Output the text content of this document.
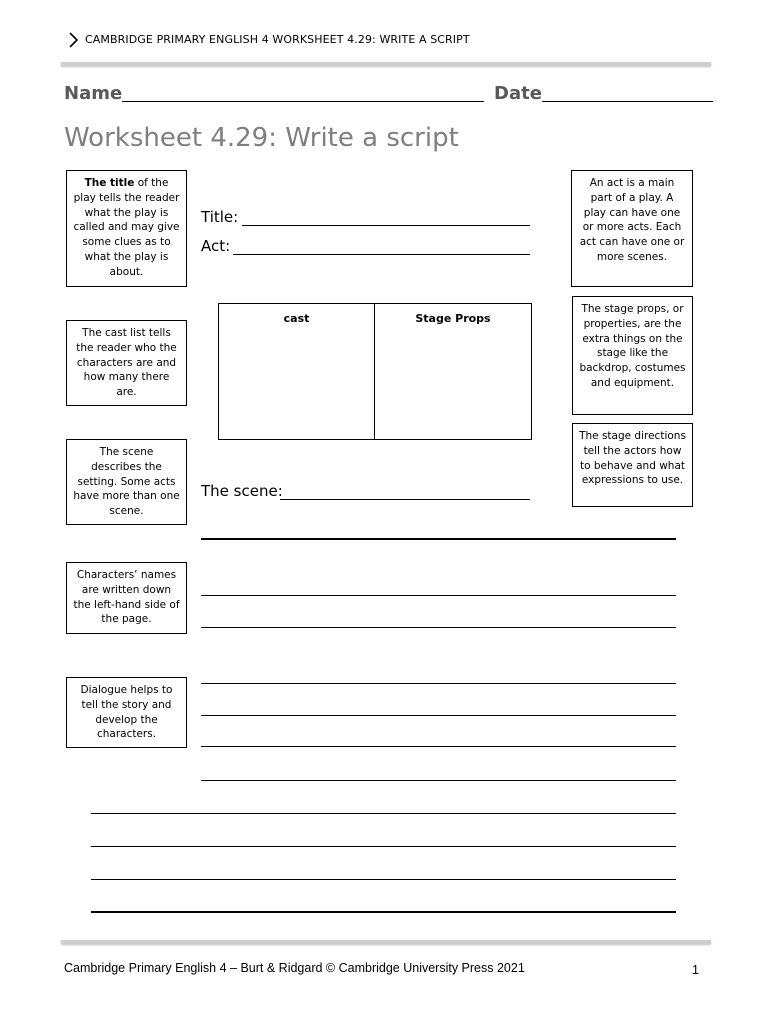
CAMBRIDGE PRIMARY ENGLISH 4 WORKSHEET 4.29: WRITE A SCRIPT
Name	Date
Worksheet 4.29: Write a script
The title of the play tells the reader what the play is called and may give some clues as to what the play is about.
The cast list tells the reader who the characters are and how many there are.
The scene describes the setting. Some acts have more than one scene.
Characters’ names are written down the left-hand side of the page.
Dialogue helps to tell the story and develop the characters.
An act is a main part of a play. A play can have one or more acts. Each act can have one or more scenes.
The stage props, or properties, are the extra things on the stage like the backdrop, costumes and equipment.
The stage directions tell the actors how to behave and what expressions to use.
Title:
Act:
cast	Stage Props
The scene:
Cambridge Primary English 4 – Burt & Ridgard © Cambridge University Press 2021	1
